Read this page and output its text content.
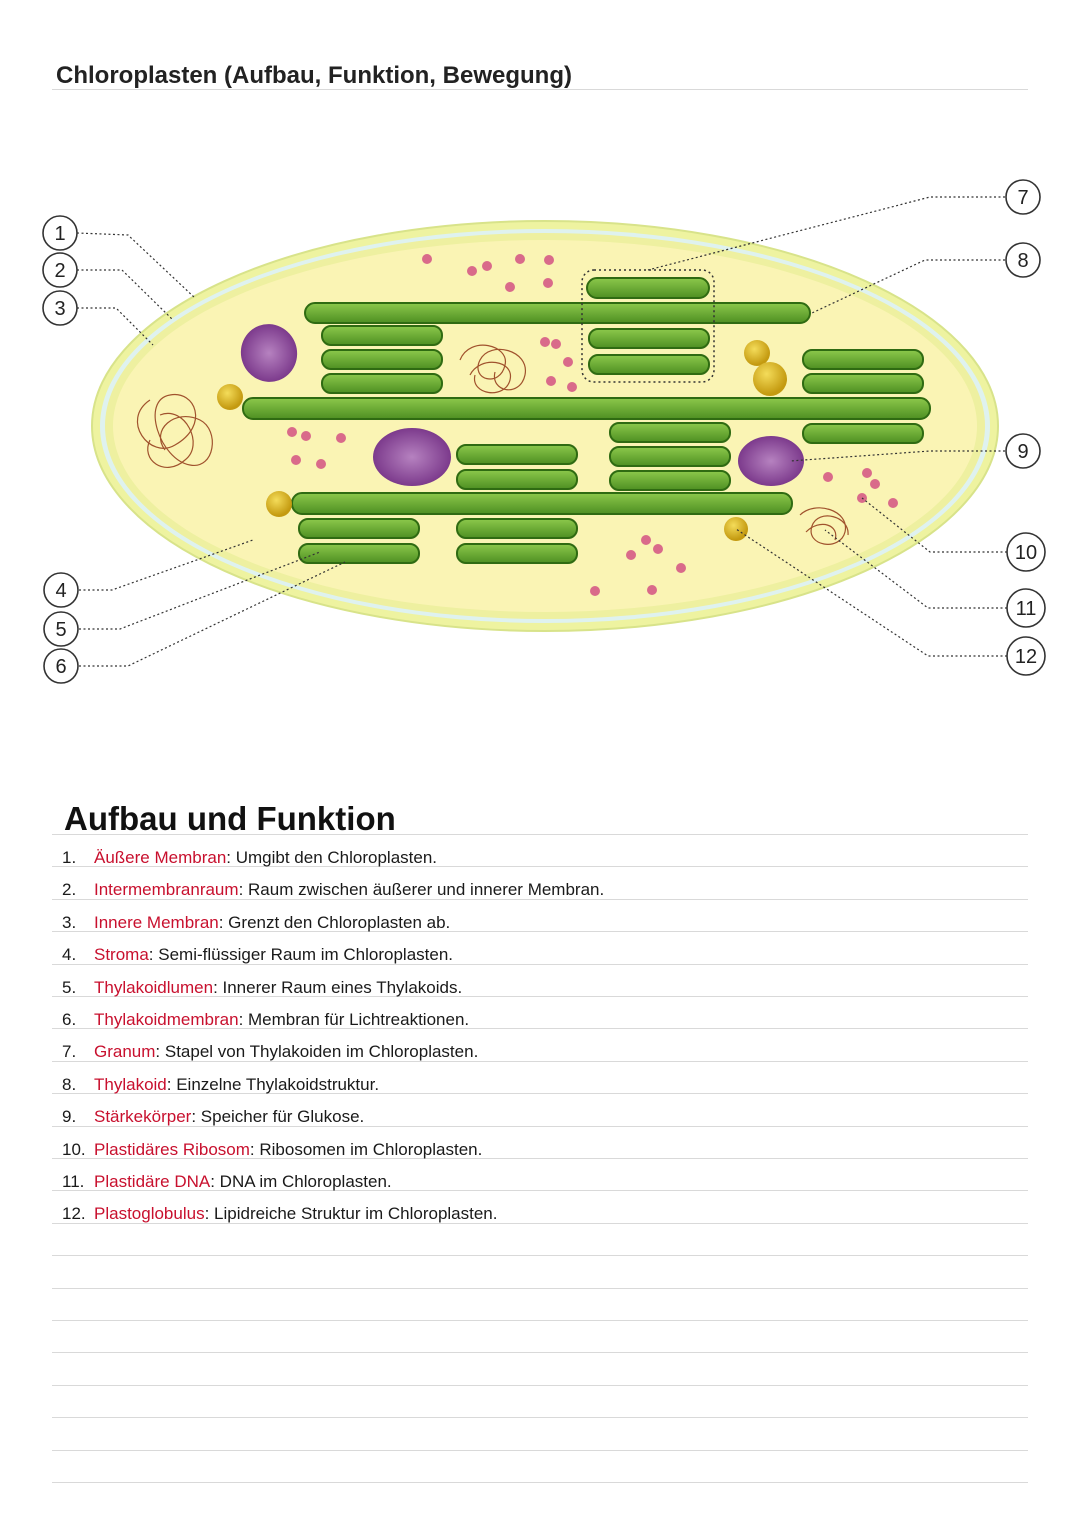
Chloroplasten (Aufbau, Funktion, Bewegung)
1
2
3
4
5
6
7
8
9
10
11
12
Aufbau und Funktion
1. Äußere Membran: Umgibt den Chloroplasten.
2. Intermembranraum: Raum zwischen äußerer und innerer Membran.
3. Innere Membran: Grenzt den Chloroplasten ab.
4. Stroma: Semi-flüssiger Raum im Chloroplasten.
5. Thylakoidlumen: Innerer Raum eines Thylakoids.
6. Thylakoidmembran: Membran für Lichtreaktionen.
7. Granum: Stapel von Thylakoiden im Chloroplasten.
8. Thylakoid: Einzelne Thylakoidstruktur.
9. Stärkekörper: Speicher für Glukose.
10. Plastidäres Ribosom: Ribosomen im Chloroplasten.
11. Plastidäre DNA: DNA im Chloroplasten.
12. Plastoglobulus: Lipidreiche Struktur im Chloroplasten.
